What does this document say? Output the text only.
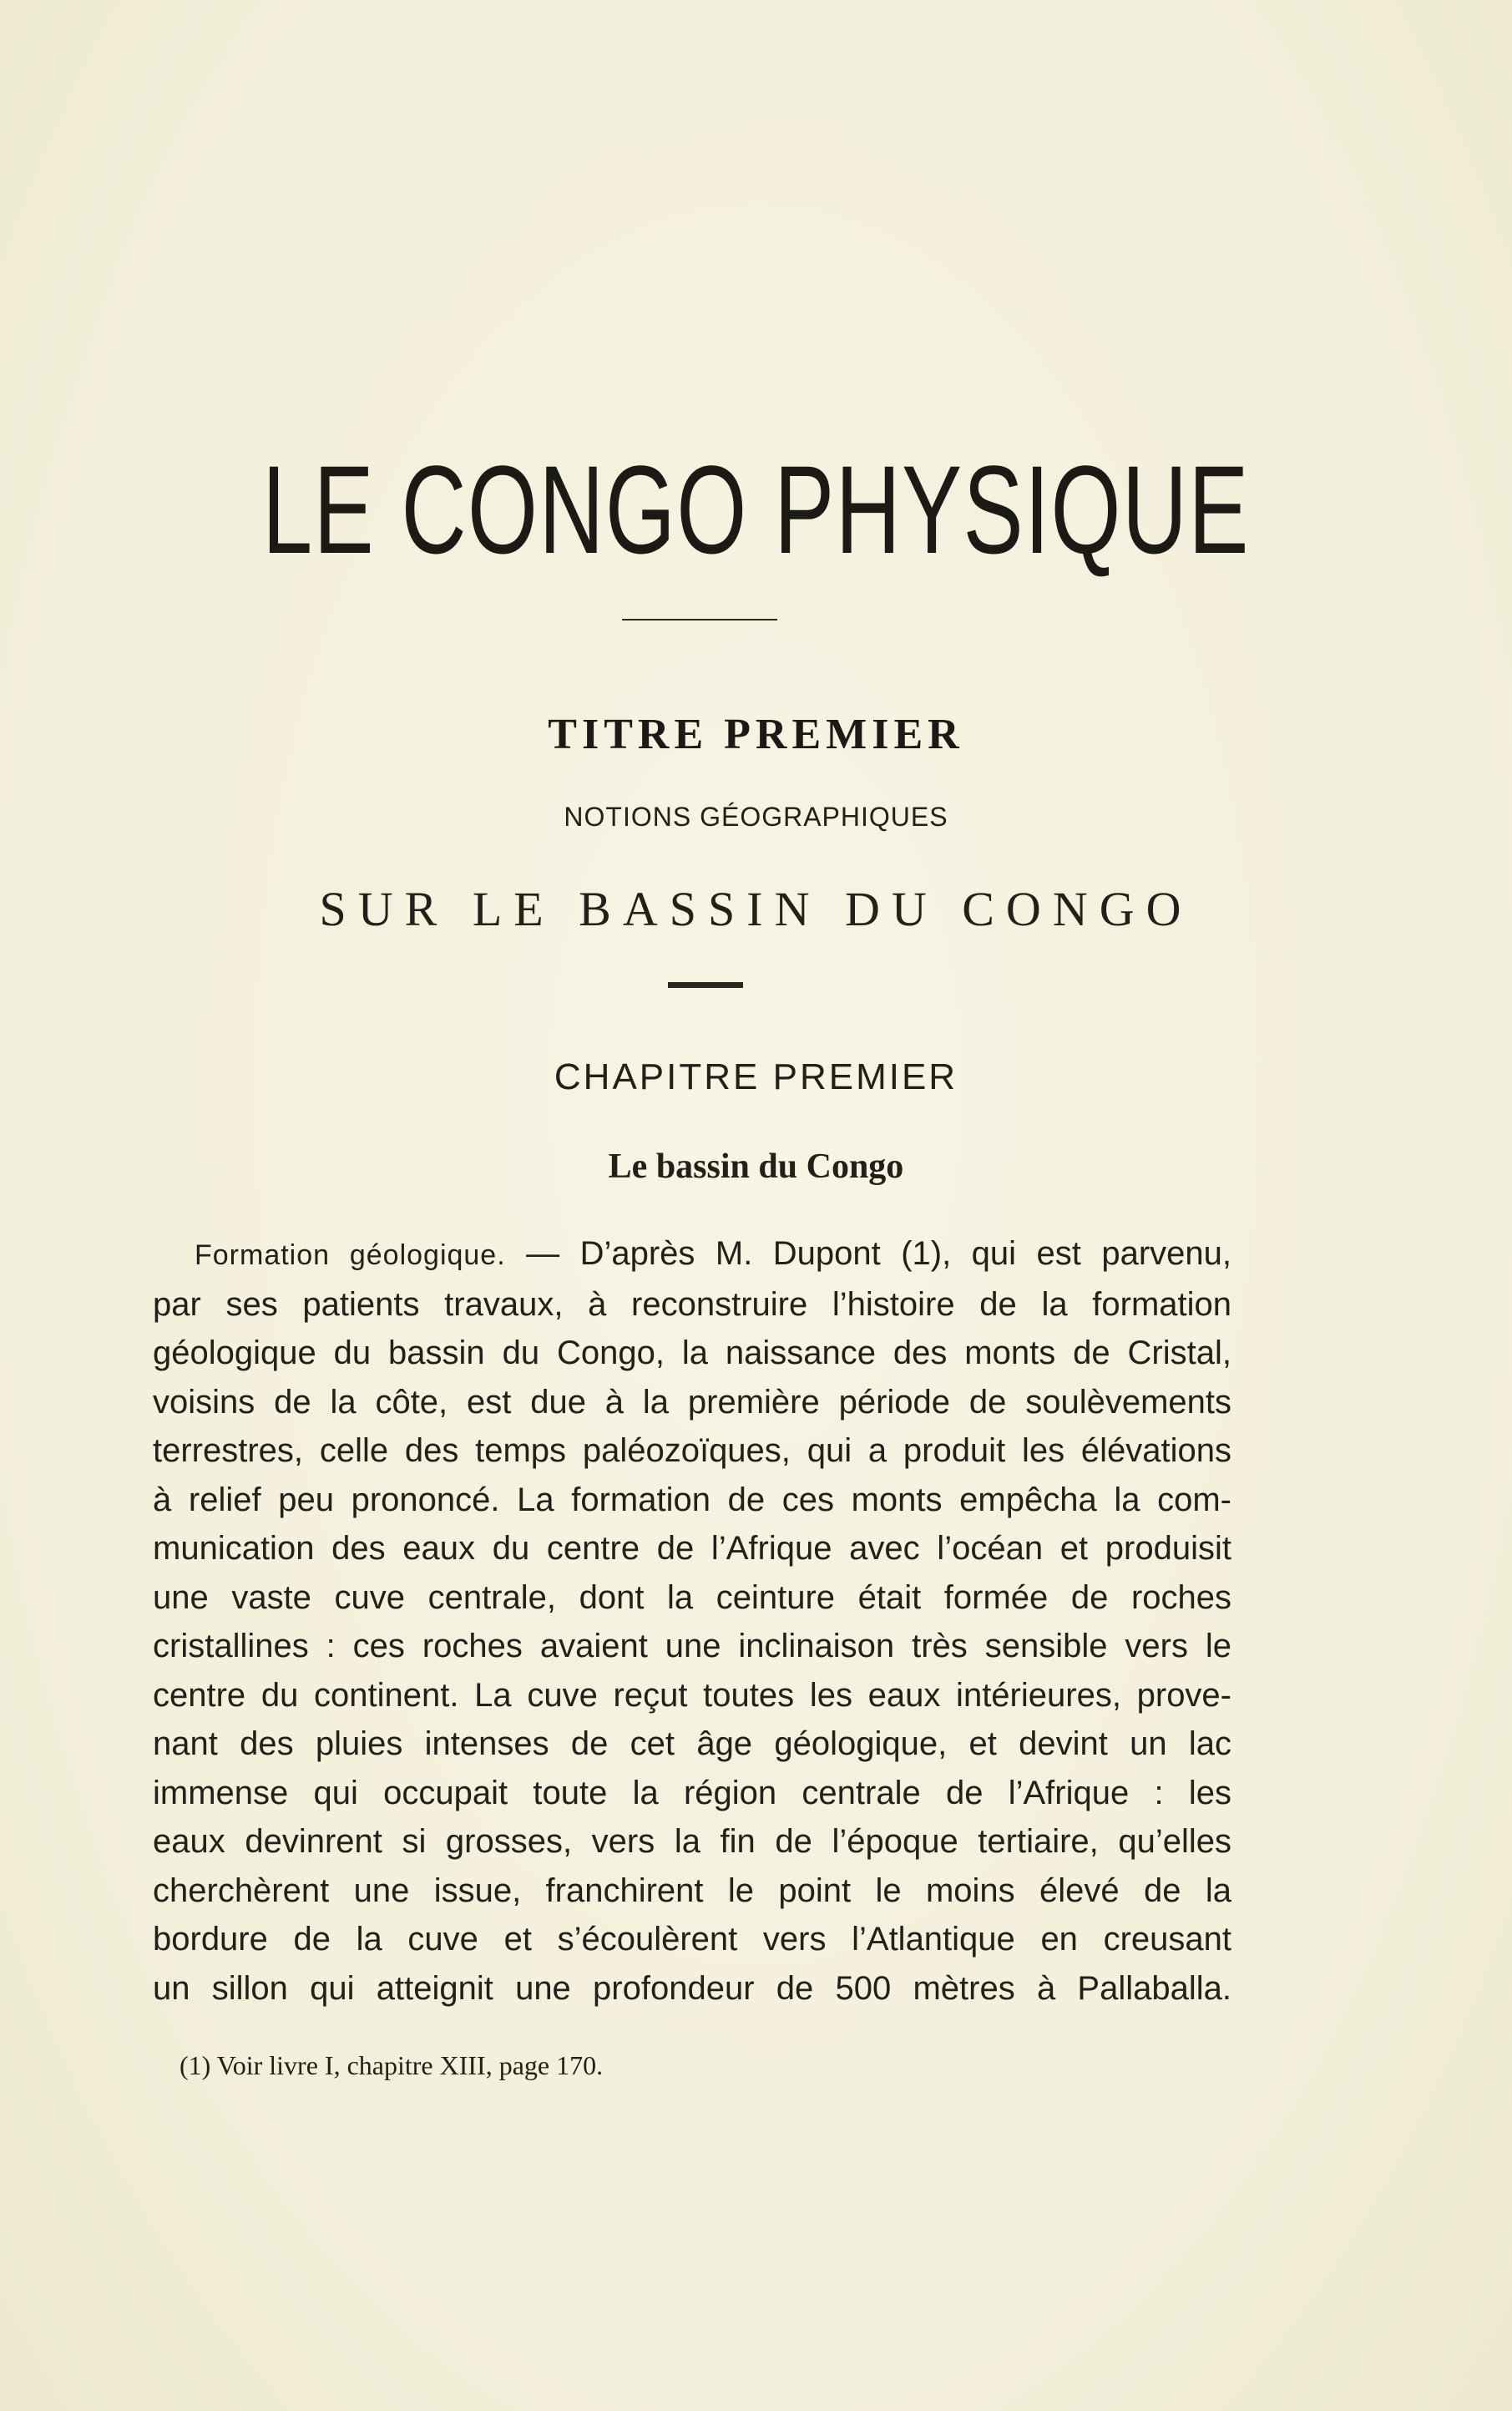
LE CONGO PHYSIQUE
TITRE PREMIER
NOTIONS GÉOGRAPHIQUES
SUR LE BASSIN DU CONGO
CHAPITRE PREMIER
Le bassin du Congo
Formation géologique. — D’après M. Dupont (1), qui est parvenu,
par ses patients travaux, à reconstruire l’histoire de la formation
géologique du bassin du Congo, la naissance des monts de Cristal,
voisins de la côte, est due à la première période de soulèvements
terrestres, celle des temps paléozoïques, qui a produit les élévations
à relief peu prononcé. La formation de ces monts empêcha la com-
munication des eaux du centre de l’Afrique avec l’océan et produisit
une vaste cuve centrale, dont la ceinture était formée de roches
cristallines : ces roches avaient une inclinaison très sensible vers le
centre du continent. La cuve reçut toutes les eaux intérieures, prove-
nant des pluies intenses de cet âge géologique, et devint un lac
immense qui occupait toute la région centrale de l’Afrique : les
eaux devinrent si grosses, vers la fin de l’époque tertiaire, qu’elles
cherchèrent une issue, franchirent le point le moins élevé de la
bordure de la cuve et s’écoulèrent vers l’Atlantique en creusant
un sillon qui atteignit une profondeur de 500 mètres à Pallaballa.
(1) Voir livre I, chapitre XIII, page 170.
